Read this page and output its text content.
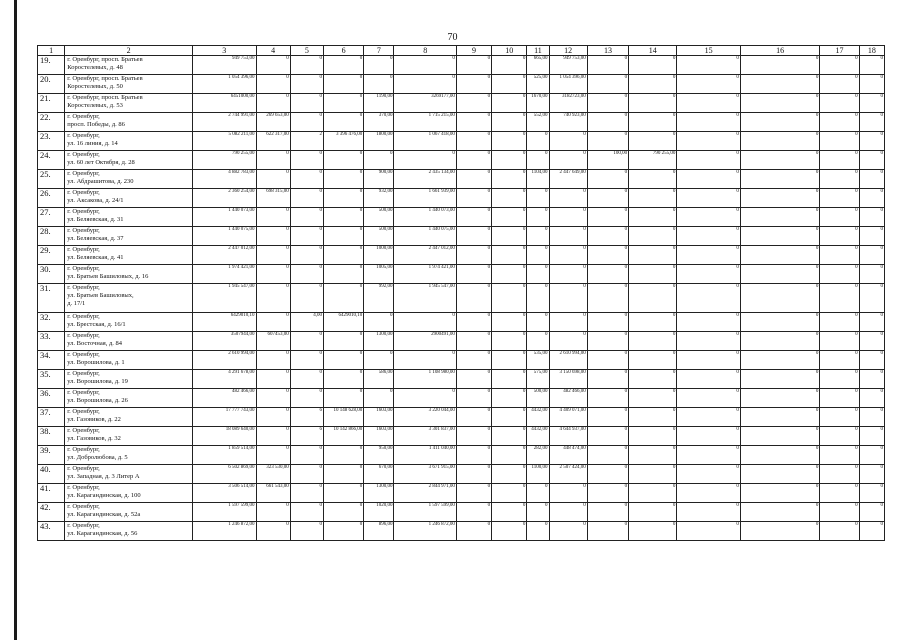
70
1	2	3	4	5	6	7	8	9	10	11	12	13	14	15	16	17	18
19.	г. Оренбург, просп. Братьев
Коростелевых, д. 48	949 753,00	0	0	0	0	0	0	0	665,00	949 753,00	0	0	0	0	0	0
20.	г. Оренбург, просп. Братьев
Коростелевых, д. 50	1 054 396,00	0	0	0	0	0	0	0	525,00	1 054 396,00	0	0	0	0	0	0
21.	г. Оренбург, просп. Братьев
Коростелевых, д. 53	6451000,00	0	0	0	1190,00	3269177,00	0	0	1670,00	3182723,00	0	0	0	0	0	0
22.	г. Оренбург,
просп. Победы, д. 86	2 744 991,00	269 653,00	0	0	370,00	1 715 215,00	0	0	552,00	740 923,00	0	0	0	0	0	0
23.	г. Оренбург,
ул. 16 линия, д. 14	5 082 211,00	622 317,00	2	3 396 476,00	1800,00	1 067 418,00	0	0	0	0	0	0	0	0	0	0
24.	г. Оренбург,
ул. 60 лет Октября, д. 28	790 255,00	0	0	0	0	0	0	0	0	0	100,00	790 255,00	0	0	0	0
25.	г. Оренбург,
ул. Абдрашитова, д. 230	4 882 783,00	0	0	0	900,00	2 435 134,00	0	0	1104,00	2 447 649,00	0	0	0	0	0	0
26.	г. Оренбург,
ул. Аксакова, д. 24/1	2 360 254,00	698 315,00	0	0	932,00	1 661 939,00	0	0	0	0	0	0	0	0	0	0
27.	г. Оренбург,
ул. Беляевская, д. 31	1 440 073,00	0	0	0	500,00	1 440 073,00	0	0	0	0	0	0	0	0	0	0
28.	г. Оренбург,
ул. Беляевская, д. 37	1 440 075,00	0	0	0	500,00	1 440 075,00	0	0	0	0	0	0	0	0	0	0
29.	г. Оренбург,
ул. Беляевская, д. 41	2 447 012,00	0	0	0	1000,00	2 447 012,00	0	0	0	0	0	0	0	0	0	0
30.	г. Оренбург,
ул. Братьев Башиловых, д. 16	1 974 421,00	0	0	0	1005,00	1 974 421,00	0	0	0	0	0	0	0	0	0	0
31.	г. Оренбург,
ул. Братьев Башиловых,
д. 17/1	1 945 547,00	0	0	0	992,00	1 945 547,00	0	0	0	0	0	0	0	0	0	0
32.	г. Оренбург,
ул. Брестская, д. 16/1	6429010,10	0	4,00	6429010,10	0	0	0	0	0	0	0	0	0	0	0	0
33.	г. Оренбург,
ул. Восточная, д. 84	3507944,00	607453,00	0	0	1300,00	2900491,00	0	0	0	0	0	0	0	0	0	0
34.	г. Оренбург,
ул. Ворошилова, д. 1	2 610 994,00	0	0	0	0	0	0	0	535,00	2 610 994,00	0	0	0	0	0	0
35.	г. Оренбург,
ул. Ворошилова, д. 19	4 291 678,00	0	0	0	586,00	1 108 980,00	0	0	575,00	3 150 698,00	0	0	0	0	0	0
36.	г. Оренбург,
ул. Ворошилова, д. 26	482 466,00	0	0	0	0	0	0	0	500,00	482 466,00	0	0	0	0	0	0
37.	г. Оренбург,
ул. Газовиков, д. 22	17 777 743,00	0	6	10 148 628,00	1603,00	3 220 044,00	0	0	4432,00	4 409 071,00	0	0	0	0	0	0
38.	г. Оренбург,
ул. Газовиков, д. 32	18 089 640,00	0	6	10 142 866,00	1603,00	3 301 837,00	0	0	4432,00	4 644 937,00	0	0	0	0	0	0
39.	г. Оренбург,
ул. Добролюбова, д. 5	1 859 514,00	0	0	0	950,00	1 411 040,00	0	0	282,00	448 474,00	0	0	0	0	0	0
40.	г. Оренбург,
ул. Западная, д. 3 Литер А	6 502 869,00	323 530,00	0	0	670,00	3 671 915,00	0	0	1100,00	2 507 424,00	0	0	0	0	0	0
41.	г. Оренбург,
ул. Карагандинская, д. 100	3 506 514,00	661 543,00	0	0	1300,00	2 844 971,00	0	0	0	0	0	0	0	0	0	0
42.	г. Оренбург,
ул. Карагандинская, д. 52а	1 597 599,00	0	0	0	1020,00	1 597 599,00	0	0	0	0	0	0	0	0	0	0
43.	г. Оренбург,
ул. Карагандинская, д. 56	1 246 872,00	0	0	0	896,00	1 246 872,00	0	0	0	0	0	0	0	0	0	0
